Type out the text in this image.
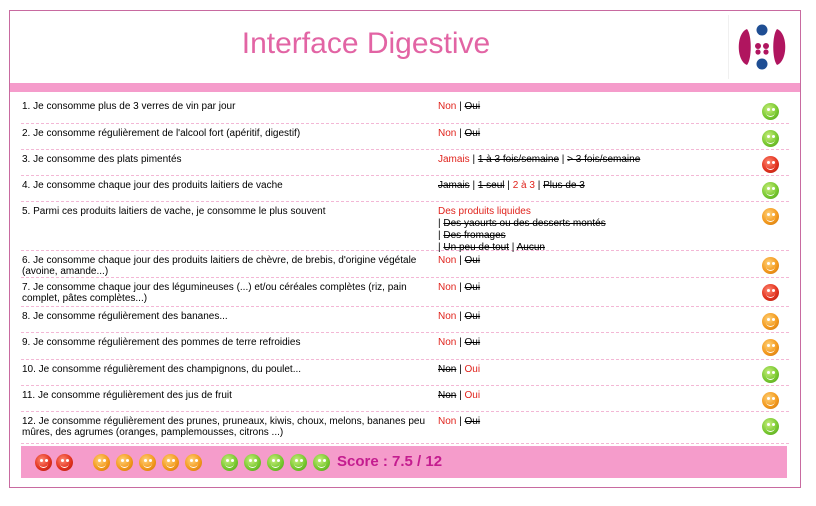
Interface Digestive
1. Je consomme plus de 3 verres de vin par jour	Non | Oui
2. Je consomme régulièrement de l'alcool fort (apéritif, digestif)	Non | Oui
3. Je consomme des plats pimentés	Jamais | 1 à 3 fois/semaine | > 3 fois/semaine
4. Je consomme chaque jour des produits laitiers de vache	Jamais | 1 seul | 2 à 3 | Plus de 3
5. Parmi ces produits laitiers de vache, je consomme le plus souvent	Des produits liquides
| Des yaourts ou des desserts montés
| Des fromages
| Un peu de tout | Aucun
6. Je consomme chaque jour des produits laitiers de chèvre, de brebis, d'origine végétale (avoine, amande...)
Non | Oui
7. Je consomme chaque jour des légumineuses (...) et/ou céréales complètes (riz, pain complet, pâtes complètes...)
Non | Oui
8. Je consomme régulièrement des bananes...	Non | Oui
9. Je consomme régulièrement des pommes de terre refroidies	Non | Oui
10. Je consomme régulièrement des champignons, du poulet...	Non | Oui
11. Je consomme régulièrement des jus de fruit	Non | Oui
12. Je consomme régulièrement des prunes, pruneaux, kiwis, choux, melons, bananes peu mûres, des agrumes (oranges, pamplemousses, citrons ...)
Non | Oui
Score : 7.5 / 12
